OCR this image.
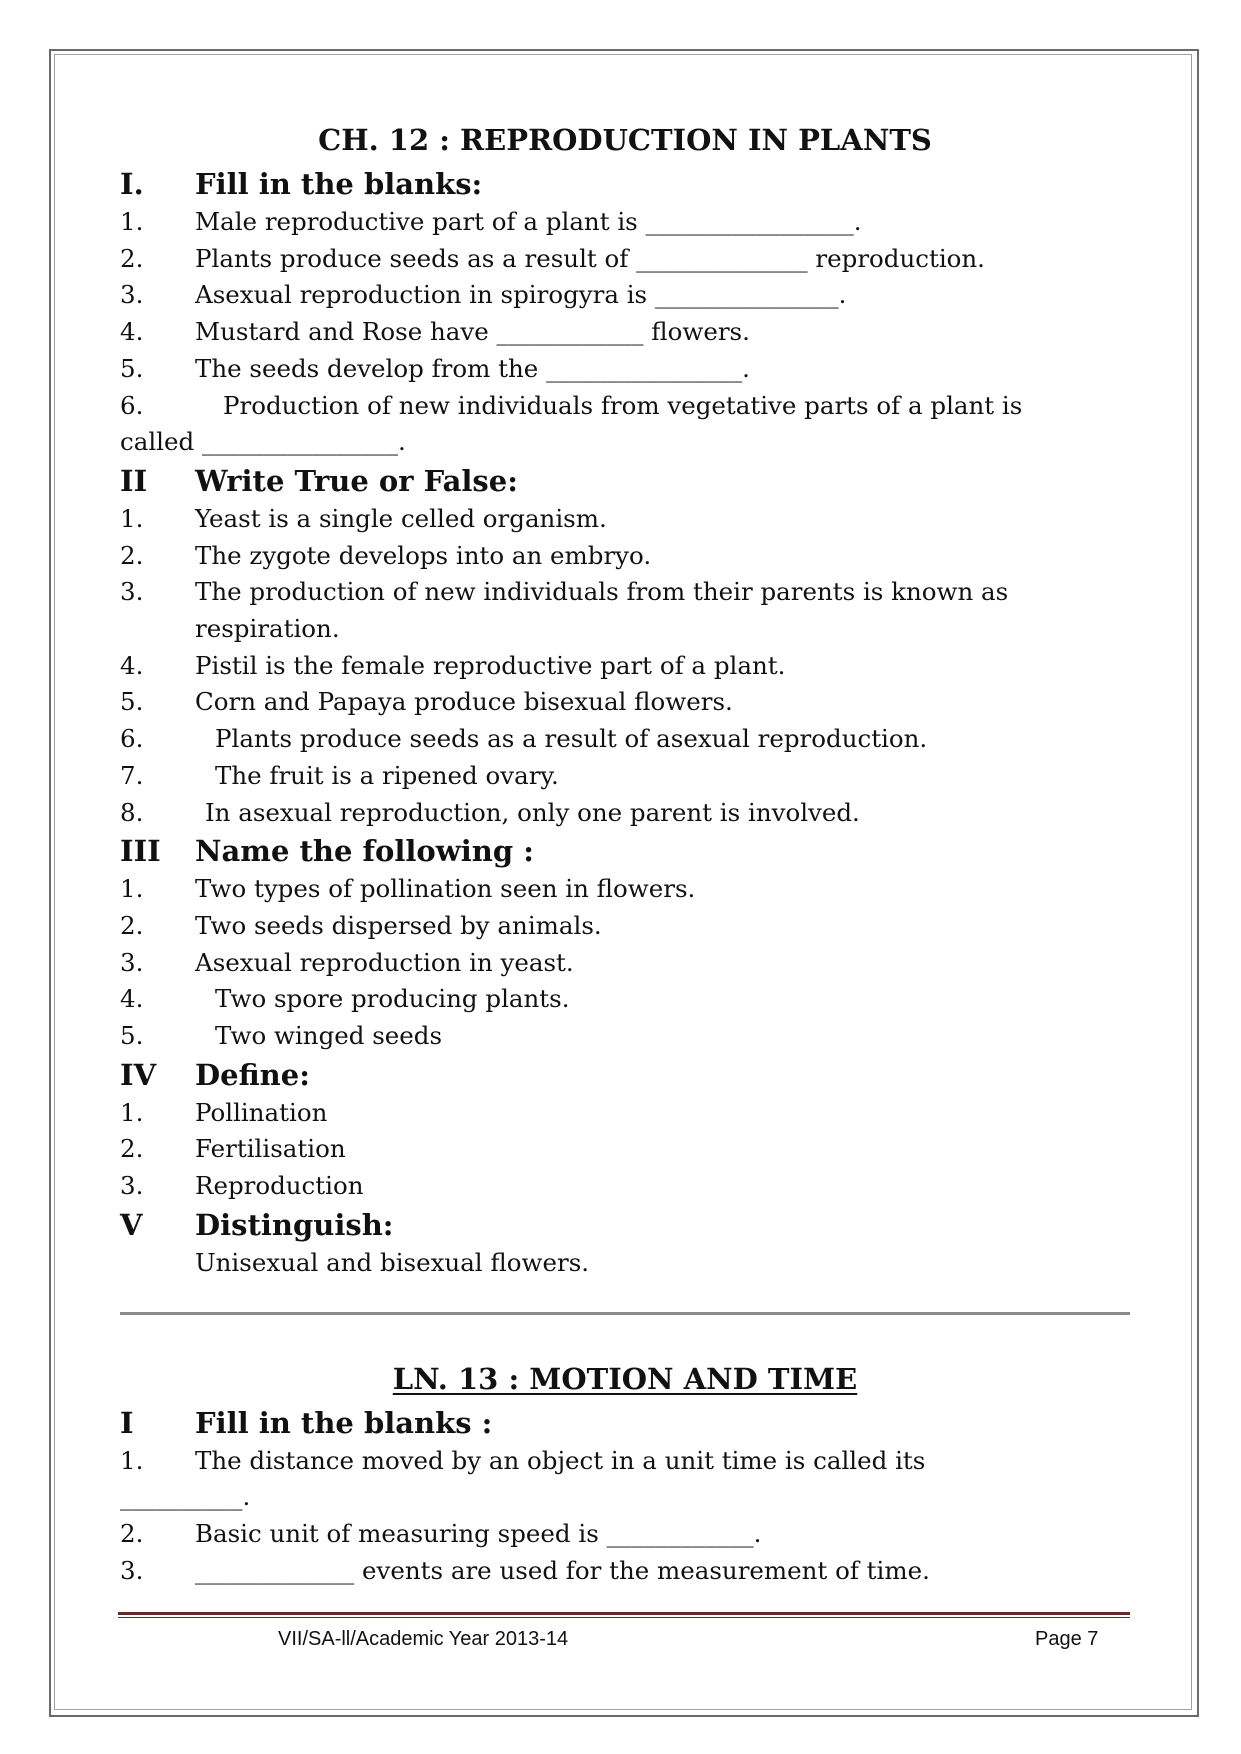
CH. 12 : REPRODUCTION IN PLANTS
I.	Fill in the blanks:
1.	Male reproductive part of a plant is _________________.
2.	Plants produce seeds as a result of ______________ reproduction.
3.	Asexual reproduction in spirogyra is _______________.
4.	Mustard and Rose have ____________ flowers.
5.	The seeds develop from the ________________.
6.	Production of new individuals from vegetative parts of a plant is
called ________________.
II	Write True or False:
1.	Yeast is a single celled organism.
2.	The zygote develops into an embryo.
3.	The production of new individuals from their parents is known as respiration.
4.	Pistil is the female reproductive part of a plant.
5.	Corn and Papaya produce bisexual flowers.
6.	Plants produce seeds as a result of asexual reproduction.
7.	The fruit is a ripened ovary.
8.	In asexual reproduction, only one parent is involved.
III	Name the following :
1.	Two types of pollination seen in flowers.
2.	Two seeds dispersed by animals.
3.	Asexual reproduction in yeast.
4.	Two spore producing plants.
5.	Two winged seeds
IV	Define:
1.	Pollination
2.	Fertilisation
3.	Reproduction
V	Distinguish:
Unisexual and bisexual flowers.
LN. 13 : MOTION AND TIME
I	Fill in the blanks :
1.	The distance moved by an object in a unit time is called its
__________.
2.	Basic unit of measuring speed is ____________.
3.	_____________ events are used for the measurement of time.
VII/SA-ll/Academic Year 2013-14	Page 7
